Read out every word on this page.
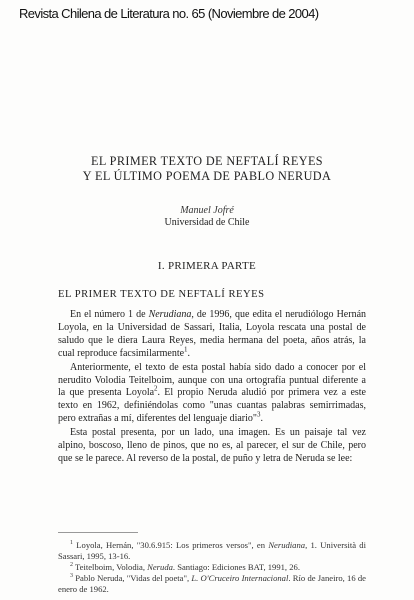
Revista Chilena de Literatura no. 65 (Noviembre de 2004)
EL PRIMER TEXTO DE NEFTALÍ REYES
Y EL ÚLTIMO POEMA DE PABLO NERUDA
Manuel Jofré
Universidad de Chile
I. PRIMERA PARTE
EL PRIMER TEXTO DE NEFTALÍ REYES

En el número 1 de Nerudiana, de 1996, que edita el nerudiólogo Hernán Loyola, en la Universidad de Sassari, Italia, Loyola rescata una postal de saludo que le diera Laura Reyes, media hermana del poeta, años atrás, la cual reproduce facsimilarmente$^1$.

Anteriormente, el texto de esta postal había sido dado a conocer por el nerudito Volodia Teitelboim, aunque con una ortografía puntual diferente a la que presenta Loyola$^2$. El propio Neruda aludió por primera vez a este texto en 1962, definiéndolas como "unas cuantas palabras semirrimadas, pero extrañas a mí, diferentes del lenguaje diario"$^3$.

Esta postal presenta, por un lado, una imagen. Es un paisaje tal vez alpino, boscoso, lleno de pinos, que no es, al parecer, el sur de Chile, pero que se le parece. Al reverso de la postal, de puño y letra de Neruda se lee:

$^1$ Loyola, Hernán, "30.6.915: Los primeros versos", en Nerudiana, 1. Università di Sassari, 1995, 13-16.

$^2$ Teitelboim, Volodia, Neruda. Santiago: Ediciones BAT, 1991, 26.

$^3$ Pablo Neruda, "Vidas del poeta", L. O'Cruceiro Internacional. Río de Janeiro, 16 de enero de 1962.
